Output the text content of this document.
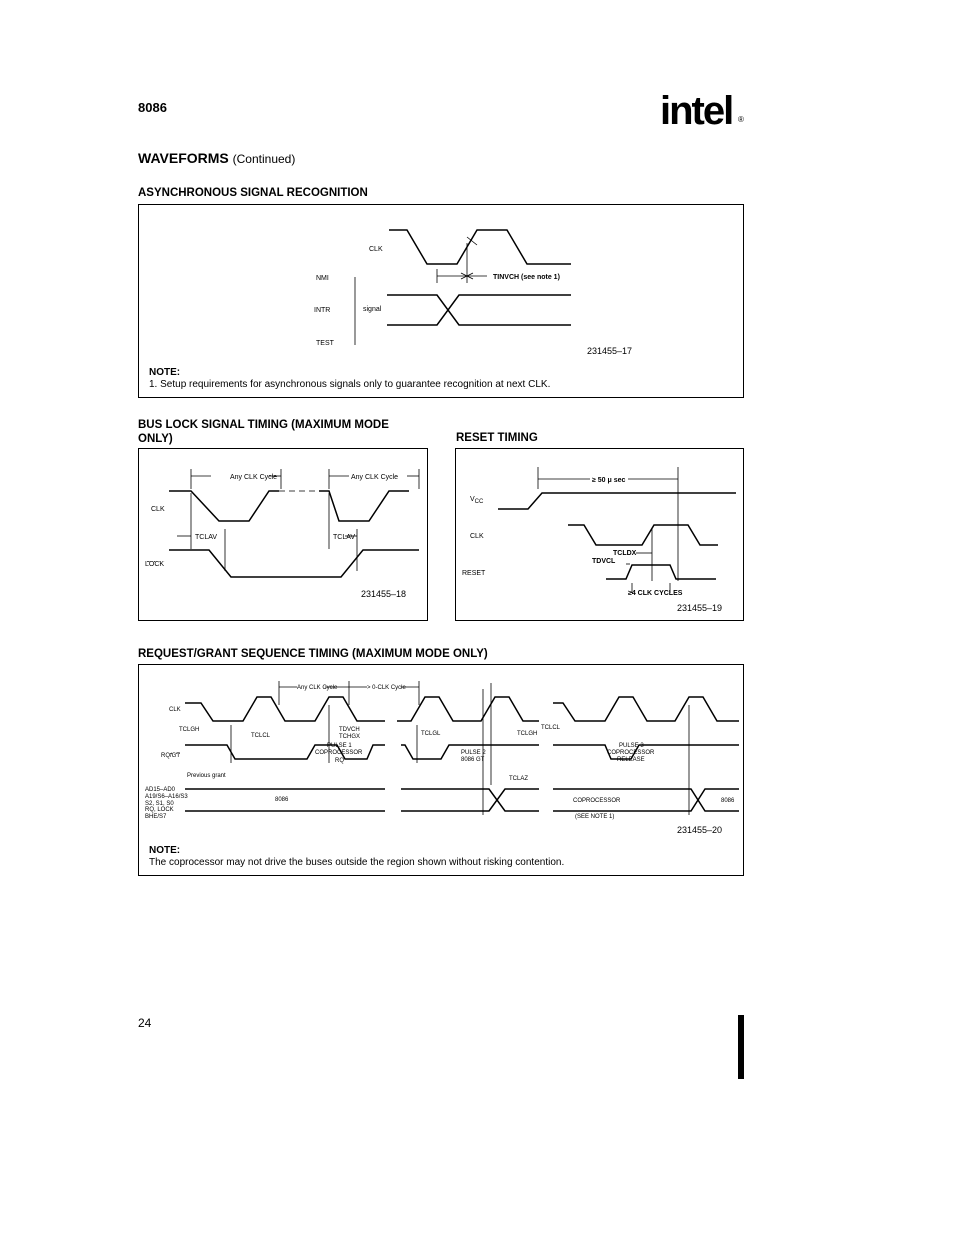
8086	intel ®
WAVEFORMS (Continued)
ASYNCHRONOUS SIGNAL RECOGNITION
CLK
NMI
INTR
TEST
signal
TINVCH (see note 1)
231455–17
NOTE:
1. Setup requirements for asynchronous signals only to guarantee recognition at next CLK.
BUS LOCK SIGNAL TIMING (MAXIMUM MODE
ONLY)
Any CLK Cycle	Any CLK Cycle
CLK
TCLAV	TCLAV
LOCK
231455–18
RESET TIMING
≥ 50 μ sec
VCC
CLK
TCLDX
TDVCL
RESET
≥4 CLK CYCLES
231455–19
REQUEST/GRANT SEQUENCE TIMING (MAXIMUM MODE ONLY)
Any CLK Cycle	> 0-CLK Cycle
CLK
TCLGH
TCLCL
TDVCH
TCHGX	TCLGL	TCLGH
TCLCL
RQ/GT
PULSE 1
COPROCESSOR
RQ
PULSE 2
8086 GT
PULSE 3
COPROCESSOR
RELEASE
Previous grant
AD15–AD0
A19/S6–A16/S3
S2, S1, S0
RQ, LOCK
BHE/S7
TCLAZ
8086	COPROCESSOR	8086
(SEE NOTE 1)
231455–20
NOTE:
The coprocessor may not drive the buses outside the region shown without risking contention.
24
